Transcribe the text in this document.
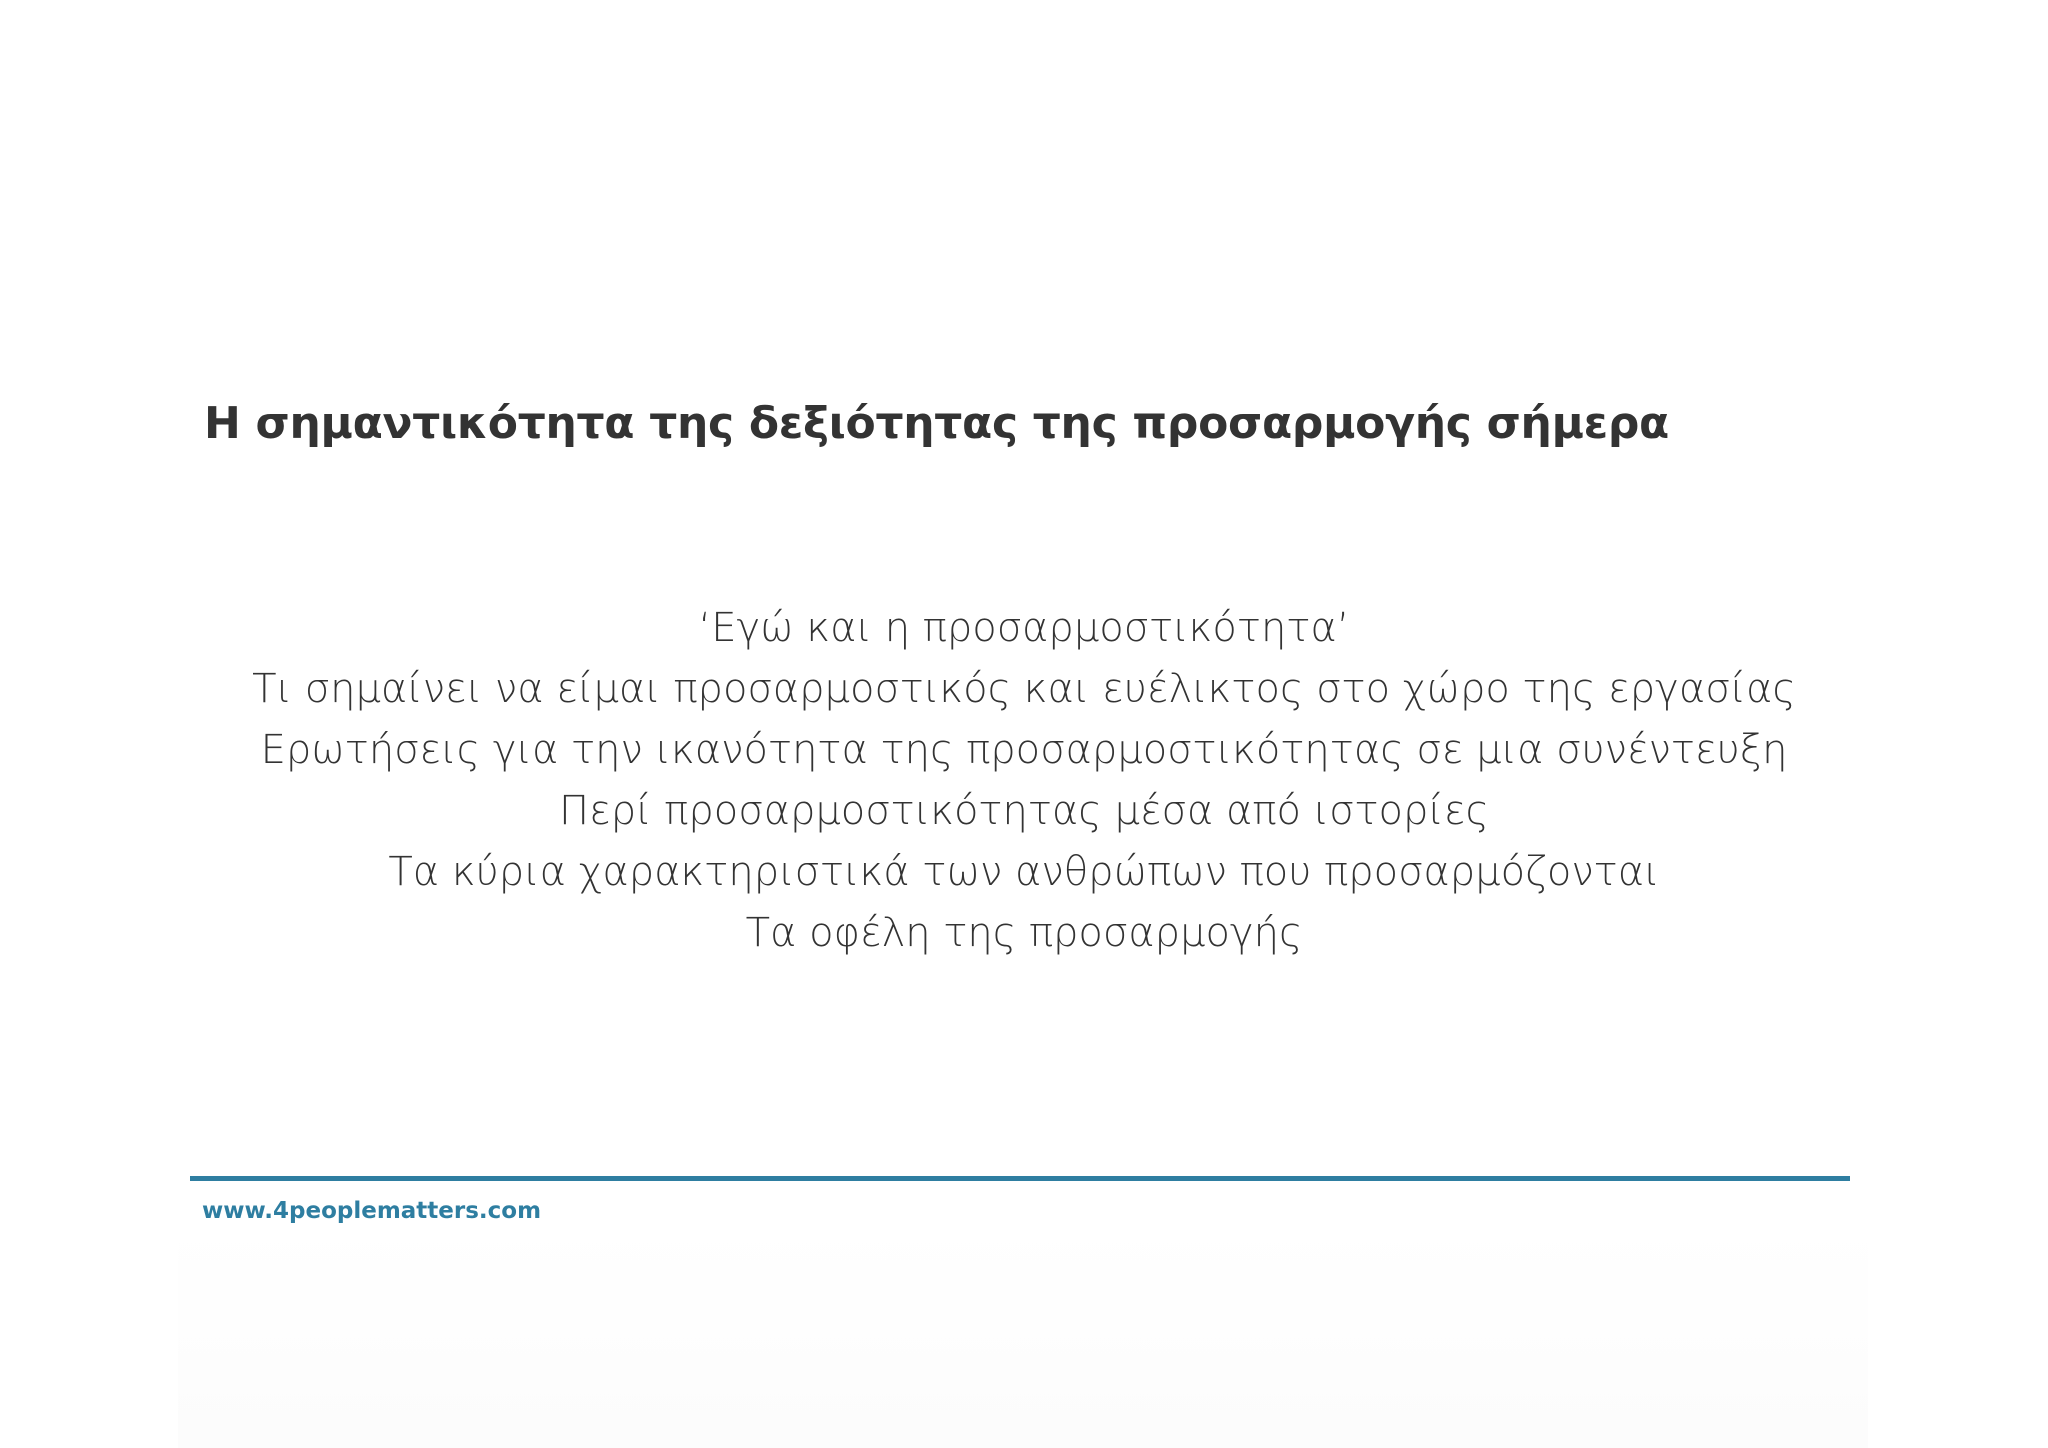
Η σημαντικότητα της δεξιότητας της προσαρμογής σήμερα
‘Εγώ και η προσαρμοστικότητα’
Τι σημαίνει να είμαι προσαρμοστικός και ευέλικτος στο χώρο της εργασίας
Ερωτήσεις για την ικανότητα της προσαρμοστικότητας σε μια συνέντευξη
Περί προσαρμοστικότητας μέσα από ιστορίες
Τα κύρια χαρακτηριστικά των ανθρώπων που προσαρμόζονται
Τα οφέλη της προσαρμογής
www.4peoplematters.com
